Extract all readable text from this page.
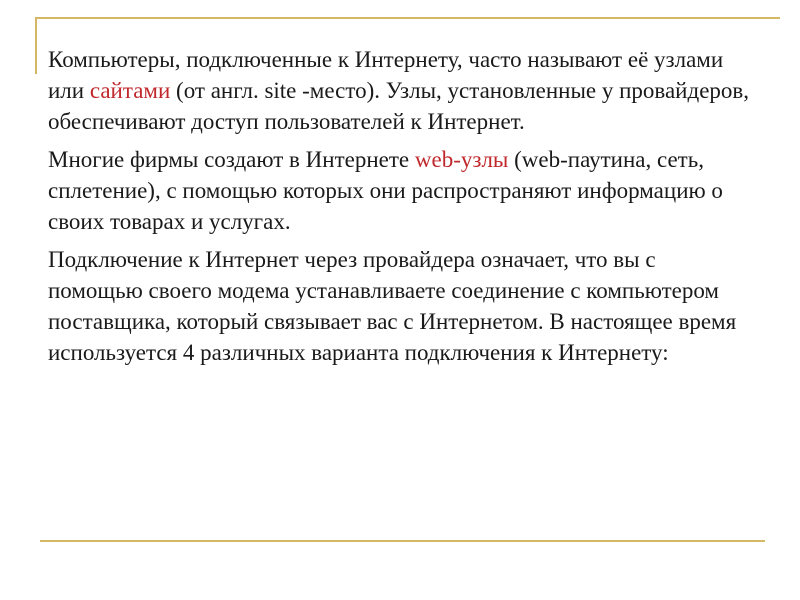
Компьютеры, подключенные к Интернету, часто называют её узлами или сайтами (от англ. site -место). Узлы, установленные у провайдеров, обеспечивают доступ пользователей к Интернет.

Многие фирмы создают в Интернете web-узлы (web-паутина, сеть, сплетение), с помощью которых они распространяют информацию о своих товарах и услугах.

Подключение к Интернет через провайдера означает, что вы с помощью своего модема устанавливаете соединение с компьютером поставщика, который связывает вас с Интернетом. В настоящее время используется 4 различных варианта подключения к Интернету:
